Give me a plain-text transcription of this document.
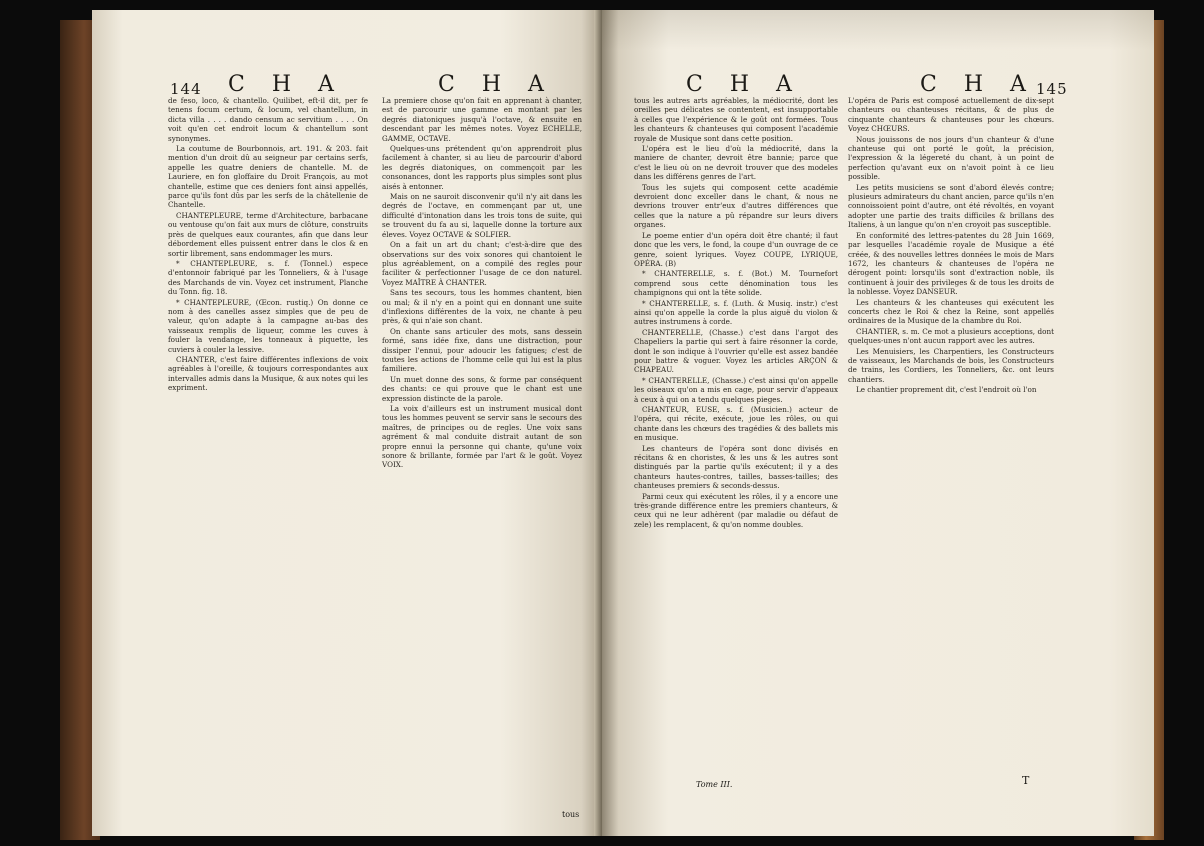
144 C H A	C H A

de feso, loco, & chantello. Quilibet, eft-il dit, per fe tenens focum certum, & locum, vel chantellum, in dicta villa . . . . dando censum ac servitium . . . . On voit qu'en cet endroit locum & chantellum sont synonymes.

La coutume de Bourbonnois, art. 191. & 203. fait mention d'un droit dû au seigneur par certains serfs, appelle les quatre deniers de chantelle. M. de Lauriere, en fon gloffaire du Droit François, au mot chantelle, estime que ces deniers font ainsi appellés, parce qu'ils font dûs par les serfs de la châtellenie de Chantelle.

CHANTEPLEURE, terme d'Architecture, barbacane ou ventouse qu'on fait aux murs de clôture, construits près de quelques eaux courantes, afin que dans leur débordement elles puissent entrer dans le clos & en sortir librement, sans endommager les murs.

* CHANTEPLEURE, s. f. (Tonnel.) espece d'entonnoir fabriqué par les Tonneliers, & à l'usage des Marchands de vin. Voyez cet instrument, Planche du Tonn. fig. 18.

* CHANTEPLEURE, (Œcon. rustiq.) On donne ce nom à des canelles assez simples que de peu de valeur, qu'on adapte à la campagne au-bas des vaisseaux remplis de liqueur, comme les cuves à fouler la vendange, les tonneaux à piquette, les cuviers à couler la lessive.

CHANTER, c'est faire différentes inflexions de voix agréables à l'oreille, & toujours correspondantes aux intervalles admis dans la Musique, & aux notes qui les expriment.

La premiere chose qu'on fait en apprenant à chanter, est de parcourir une gamme en montant par les degrés diatoniques jusqu'à l'octave, & ensuite en descendant par les mêmes notes. Voyez ECHELLE, GAMME, OCTAVE.

Quelques-uns prétendent qu'on apprendroit plus facilement à chanter, si au lieu de parcourir d'abord les degrés diatoniques, on commençoit par les consonances, dont les rapports plus simples sont plus aisés à entonner.

Mais on ne sauroit disconvenir qu'il n'y ait dans les degrés de l'octave, en commençant par ut, une difficulté d'intonation dans les trois tons de suite, qui se trouvent du fa au si, laquelle donne la torture aux éleves. Voyez OCTAVE & SOLFIER.

On a fait un art du chant; c'est-à-dire que des observations sur des voix sonores qui chantoient le plus agréablement, on a compilé des regles pour faciliter & perfectionner l'usage de ce don naturel. Voyez MAÎTRE À CHANTER.

Sans tes secours, tous les hommes chantent, bien ou mal; & il n'y en a point qui en donnant une suite d'inflexions différentes de la voix, ne chante à peu près, & qui n'aie son chant.

On chante sans articuler des mots, sans dessein formé, sans idée fixe, dans une distraction, pour dissiper l'ennui, pour adoucir les fatigues; c'est de toutes les actions de l'homme celle qui lui est la plus familiere.

Un muet donne des sons, & forme par conséquent des chants: ce qui prouve que le chant est une expression distincte de la parole.

La voix d'ailleurs est un instrument musical dont tous les hommes peuvent se servir sans le secours des maîtres, de principes ou de regles. Une voix sans agrément & mal conduite distrait autant de son propre ennui la personne qui chante, qu'une voix sonore & brillante, formée par l'art & le goût. Voyez VOIX.

tous
C H A	C H A 145

tous les autres arts agréables, la médiocrité, dont les oreilles peu délicates se contentent, est insupportable à celles que l'expérience & le goût ont formées. Tous les chanteurs & chanteuses qui composent l'académie royale de Musique sont dans cette position.

L'opéra est le lieu d'où la médiocrité, dans la maniere de chanter, devroit être bannie; parce que c'est le lieu où on ne devroit trouver que des modeles dans les différens genres de l'art.

Tous les sujets qui composent cette académie devroient donc exceller dans le chant, & nous ne devrions trouver entr'eux d'autres différences que celles que la nature a pû répandre sur leurs divers organes.

Le poeme entier d'un opéra doit être chanté; il faut donc que les vers, le fond, la coupe d'un ouvrage de ce genre, soient lyriques. Voyez COUPE, LYRIQUE, OPÉRA. (B)

* CHANTERELLE, s. f. (Bot.) M. Tournefort comprend sous cette dénomination tous les champignons qui ont la tête solide.

* CHANTERELLE, s. f. (Luth. & Musiq. instr.) c'est ainsi qu'on appelle la corde la plus aiguë du violon & autres instrumens à corde.

CHANTERELLE, (Chasse.) c'est dans l'argot des Chapeliers la partie qui sert à faire résonner la corde, dont le son indique à l'ouvrier qu'elle est assez bandée pour battre & voguer. Voyez les articles ARÇON & CHAPEAU.

* CHANTERELLE, (Chasse.) c'est ainsi qu'on appelle les oiseaux qu'on a mis en cage, pour servir d'appeaux à ceux à qui on a tendu quelques pieges.

CHANTEUR, EUSE, s. f. (Musicien.) acteur de l'opéra, qui récite, exécute, joue les rôles, ou qui chante dans les chœurs des tragédies & des ballets mis en musique.

Les chanteurs de l'opéra sont donc divisés en récitans & en choristes, & les uns & les autres sont distingués par la partie qu'ils exécutent; il y a des chanteurs hautes-contres, tailles, basses-tailles; des chanteuses premiers & seconds-dessus.

Parmi ceux qui exécutent les rôles, il y a encore une très-grande différence entre les premiers chanteurs, & ceux qui ne leur adhèrent (par maladie ou défaut de zele) les remplacent, & qu'on nomme doubles.

L'opéra de Paris est composé actuellement de dix-sept chanteurs ou chanteuses récitans, & de plus de cinquante chanteurs & chanteuses pour les chœurs. Voyez CHŒURS.

Nous jouissons de nos jours d'un chanteur & d'une chanteuse qui ont porté le goût, la précision, l'expression & la légereté du chant, à un point de perfection qu'avant eux on n'avoit point à ce lieu possible.

Les petits musiciens se sont d'abord élevés contre; plusieurs admirateurs du chant ancien, parce qu'ils n'en connoissoient point d'autre, ont été révoltés, en voyant adopter une partie des traits difficiles & brillans des Italiens, à un langue qu'on n'en croyoit pas susceptible.

En conformité des lettres-patentes du 28 Juin 1669, par lesquelles l'académie royale de Musique a été créée, & des nouvelles lettres données le mois de Mars 1672, les chanteurs & chanteuses de l'opéra ne dérogent point: lorsqu'ils sont d'extraction noble, ils continuent à jouir des privileges & de tous les droits de la noblesse. Voyez DANSEUR.

Les chanteurs & les chanteuses qui exécutent les concerts chez le Roi & chez la Reine, sont appellés ordinaires de la Musique de la chambre du Roi.

CHANTIER, s. m. Ce mot a plusieurs acceptions, dont quelques-unes n'ont aucun rapport avec les autres.

Les Menuisiers, les Charpentiers, les Constructeurs de vaisseaux, les Marchands de bois, les Constructeurs de trains, les Cordiers, les Tonneliers, &c. ont leurs chantiers.

Le chantier proprement dit, c'est l'endroit où l'on

Tome III.	T
